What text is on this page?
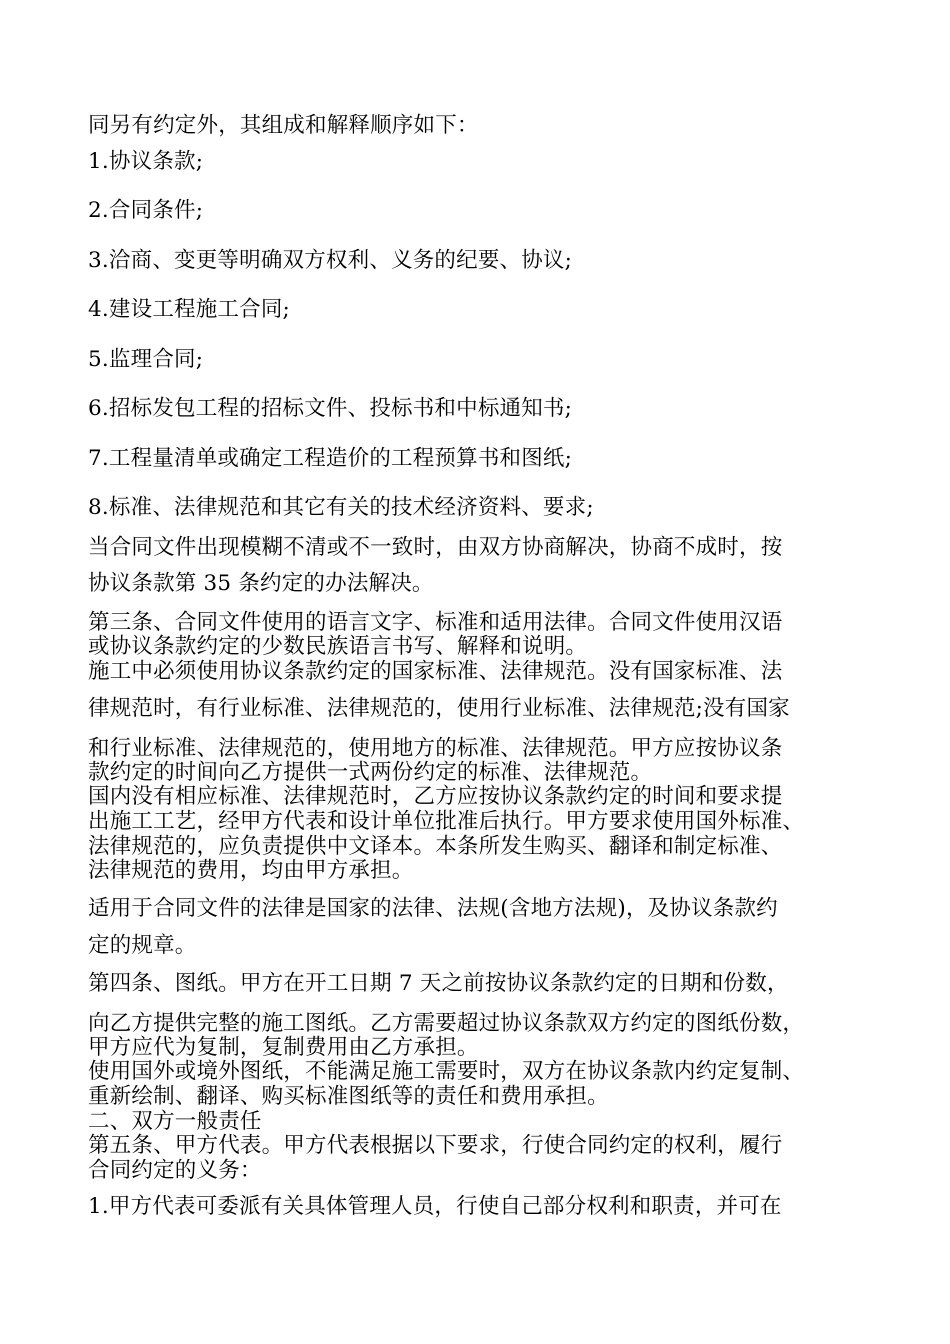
同另有约定外，其组成和解释顺序如下：
1.协议条款;
2.合同条件;
3.洽商、变更等明确双方权利、义务的纪要、协议;
4.建设工程施工合同;
5.监理合同;
6.招标发包工程的招标文件、投标书和中标通知书;
7.工程量清单或确定工程造价的工程预算书和图纸;
8.标准、法律规范和其它有关的技术经济资料、要求;
当合同文件出现模糊不清或不一致时，由双方协商解决，协商不成时，按
协议条款第 35 条约定的办法解决。
第三条、合同文件使用的语言文字、标准和适用法律。合同文件使用汉语
或协议条款约定的少数民族语言书写、解释和说明。
施工中必须使用协议条款约定的国家标准、法律规范。没有国家标准、法
律规范时，有行业标准、法律规范的，使用行业标准、法律规范;没有国家
和行业标准、法律规范的，使用地方的标准、法律规范。甲方应按协议条
款约定的时间向乙方提供一式两份约定的标准、法律规范。
国内没有相应标准、法律规范时，乙方应按协议条款约定的时间和要求提
出施工工艺，经甲方代表和设计单位批准后执行。甲方要求使用国外标准、
法律规范的，应负责提供中文译本。本条所发生购买、翻译和制定标准、
法律规范的费用，均由甲方承担。
适用于合同文件的法律是国家的法律、法规(含地方法规)，及协议条款约
定的规章。
第四条、图纸。甲方在开工日期 7 天之前按协议条款约定的日期和份数，
向乙方提供完整的施工图纸。乙方需要超过协议条款双方约定的图纸份数，
甲方应代为复制，复制费用由乙方承担。
使用国外或境外图纸，不能满足施工需要时，双方在协议条款内约定复制、
重新绘制、翻译、购买标准图纸等的责任和费用承担。
二、双方一般责任
第五条、甲方代表。甲方代表根据以下要求，行使合同约定的权利，履行
合同约定的义务：
1.甲方代表可委派有关具体管理人员，行使自己部分权利和职责，并可在
